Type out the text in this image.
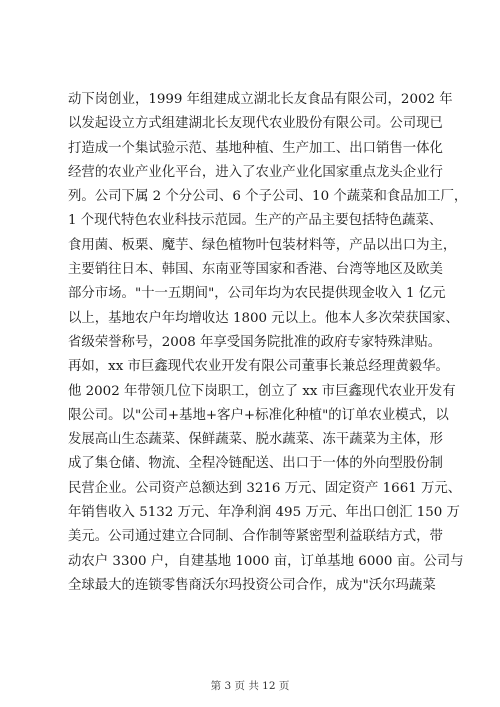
动下岗创业，1999 年组建成立湖北长友食品有限公司，2002 年
以发起设立方式组建湖北长友现代农业股份有限公司。公司现已
打造成一个集试验示范、基地种植、生产加工、出口销售一体化
经营的农业产业化平台，进入了农业产业化国家重点龙头企业行
列。公司下属 2 个分公司、6 个子公司、10 个蔬菜和食品加工厂，
1 个现代特色农业科技示范园。生产的产品主要包括特色蔬菜、
食用菌、板栗、魔芋、绿色植物叶包装材料等，产品以出口为主，
主要销往日本、韩国、东南亚等国家和香港、台湾等地区及欧美
部分市场。"十一五期间"，公司年均为农民提供现金收入 1 亿元
以上，基地农户年均增收达 1800 元以上。他本人多次荣获国家、
省级荣誉称号，2008 年享受国务院批准的政府专家特殊津贴。
再如，xx 市巨鑫现代农业开发有限公司董事长兼总经理黄毅华。
他 2002 年带领几位下岗职工，创立了 xx 市巨鑫现代农业开发有
限公司。以"公司+基地+客户+标准化种植"的订单农业模式，以
发展高山生态蔬菜、保鲜蔬菜、脱水蔬菜、冻干蔬菜为主体，形
成了集仓储、物流、全程冷链配送、出口于一体的外向型股份制
民营企业。公司资产总额达到 3216 万元、固定资产 1661 万元、
年销售收入 5132 万元、年净利润 495 万元、年出口创汇 150 万
美元。公司通过建立合同制、合作制等紧密型利益联结方式，带
动农户 3300 户，自建基地 1000 亩，订单基地 6000 亩。公司与
全球最大的连锁零售商沃尔玛投资公司合作，成为"沃尔玛蔬菜
第 3 页 共 12 页
